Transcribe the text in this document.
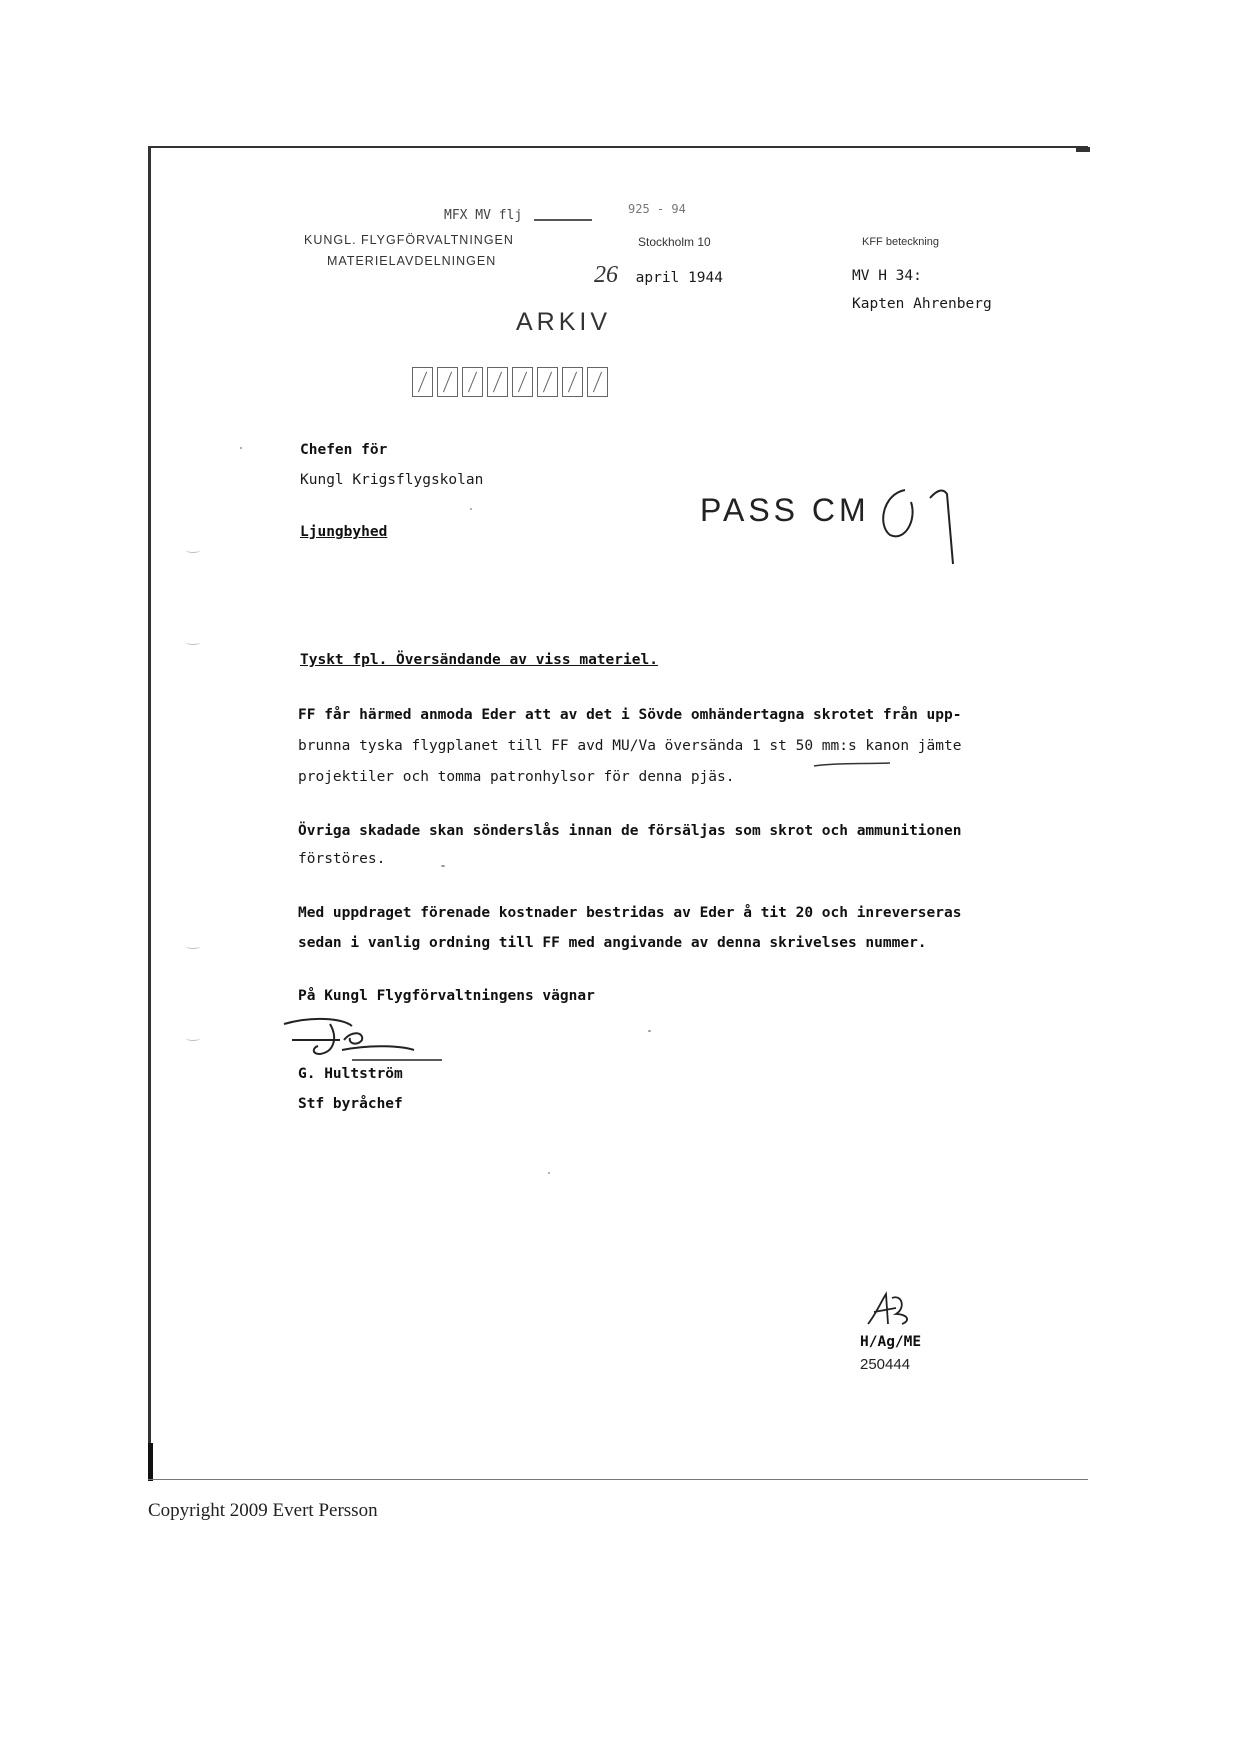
MFX MV flj	925 - 94
KUNGL. FLYGFÖRVALTNINGEN
MATERIELAVDELNINGEN
Stockholm 10
26 april 1944
KFF beteckning
MV H 34:
Kapten Ahrenberg
ARKIV
Chefen för
Kungl Krigsflygskolan
Ljungbyhed
PASS CM
Tyskt fpl. Översändande av viss materiel.
FF får härmed anmoda Eder att av det i Sövde omhändertagna skrotet från upp-
brunna tyska flygplanet till FF avd MU/Va översända 1 st 50 mm:s kanon jämte
projektiler och tomma patronhylsor för denna pjäs.
Övriga skadade skan sönderslås innan de försäljas som skrot och ammunitionen
förstöres.
Med uppdraget förenade kostnader bestridas av Eder å tit 20 och inreverseras
sedan i vanlig ordning till FF med angivande av denna skrivelses nummer.
På Kungl Flygförvaltningens vägnar
G. Hultström
Stf byråchef
H/Ag/ME
250444
Copyright 2009 Evert Persson
